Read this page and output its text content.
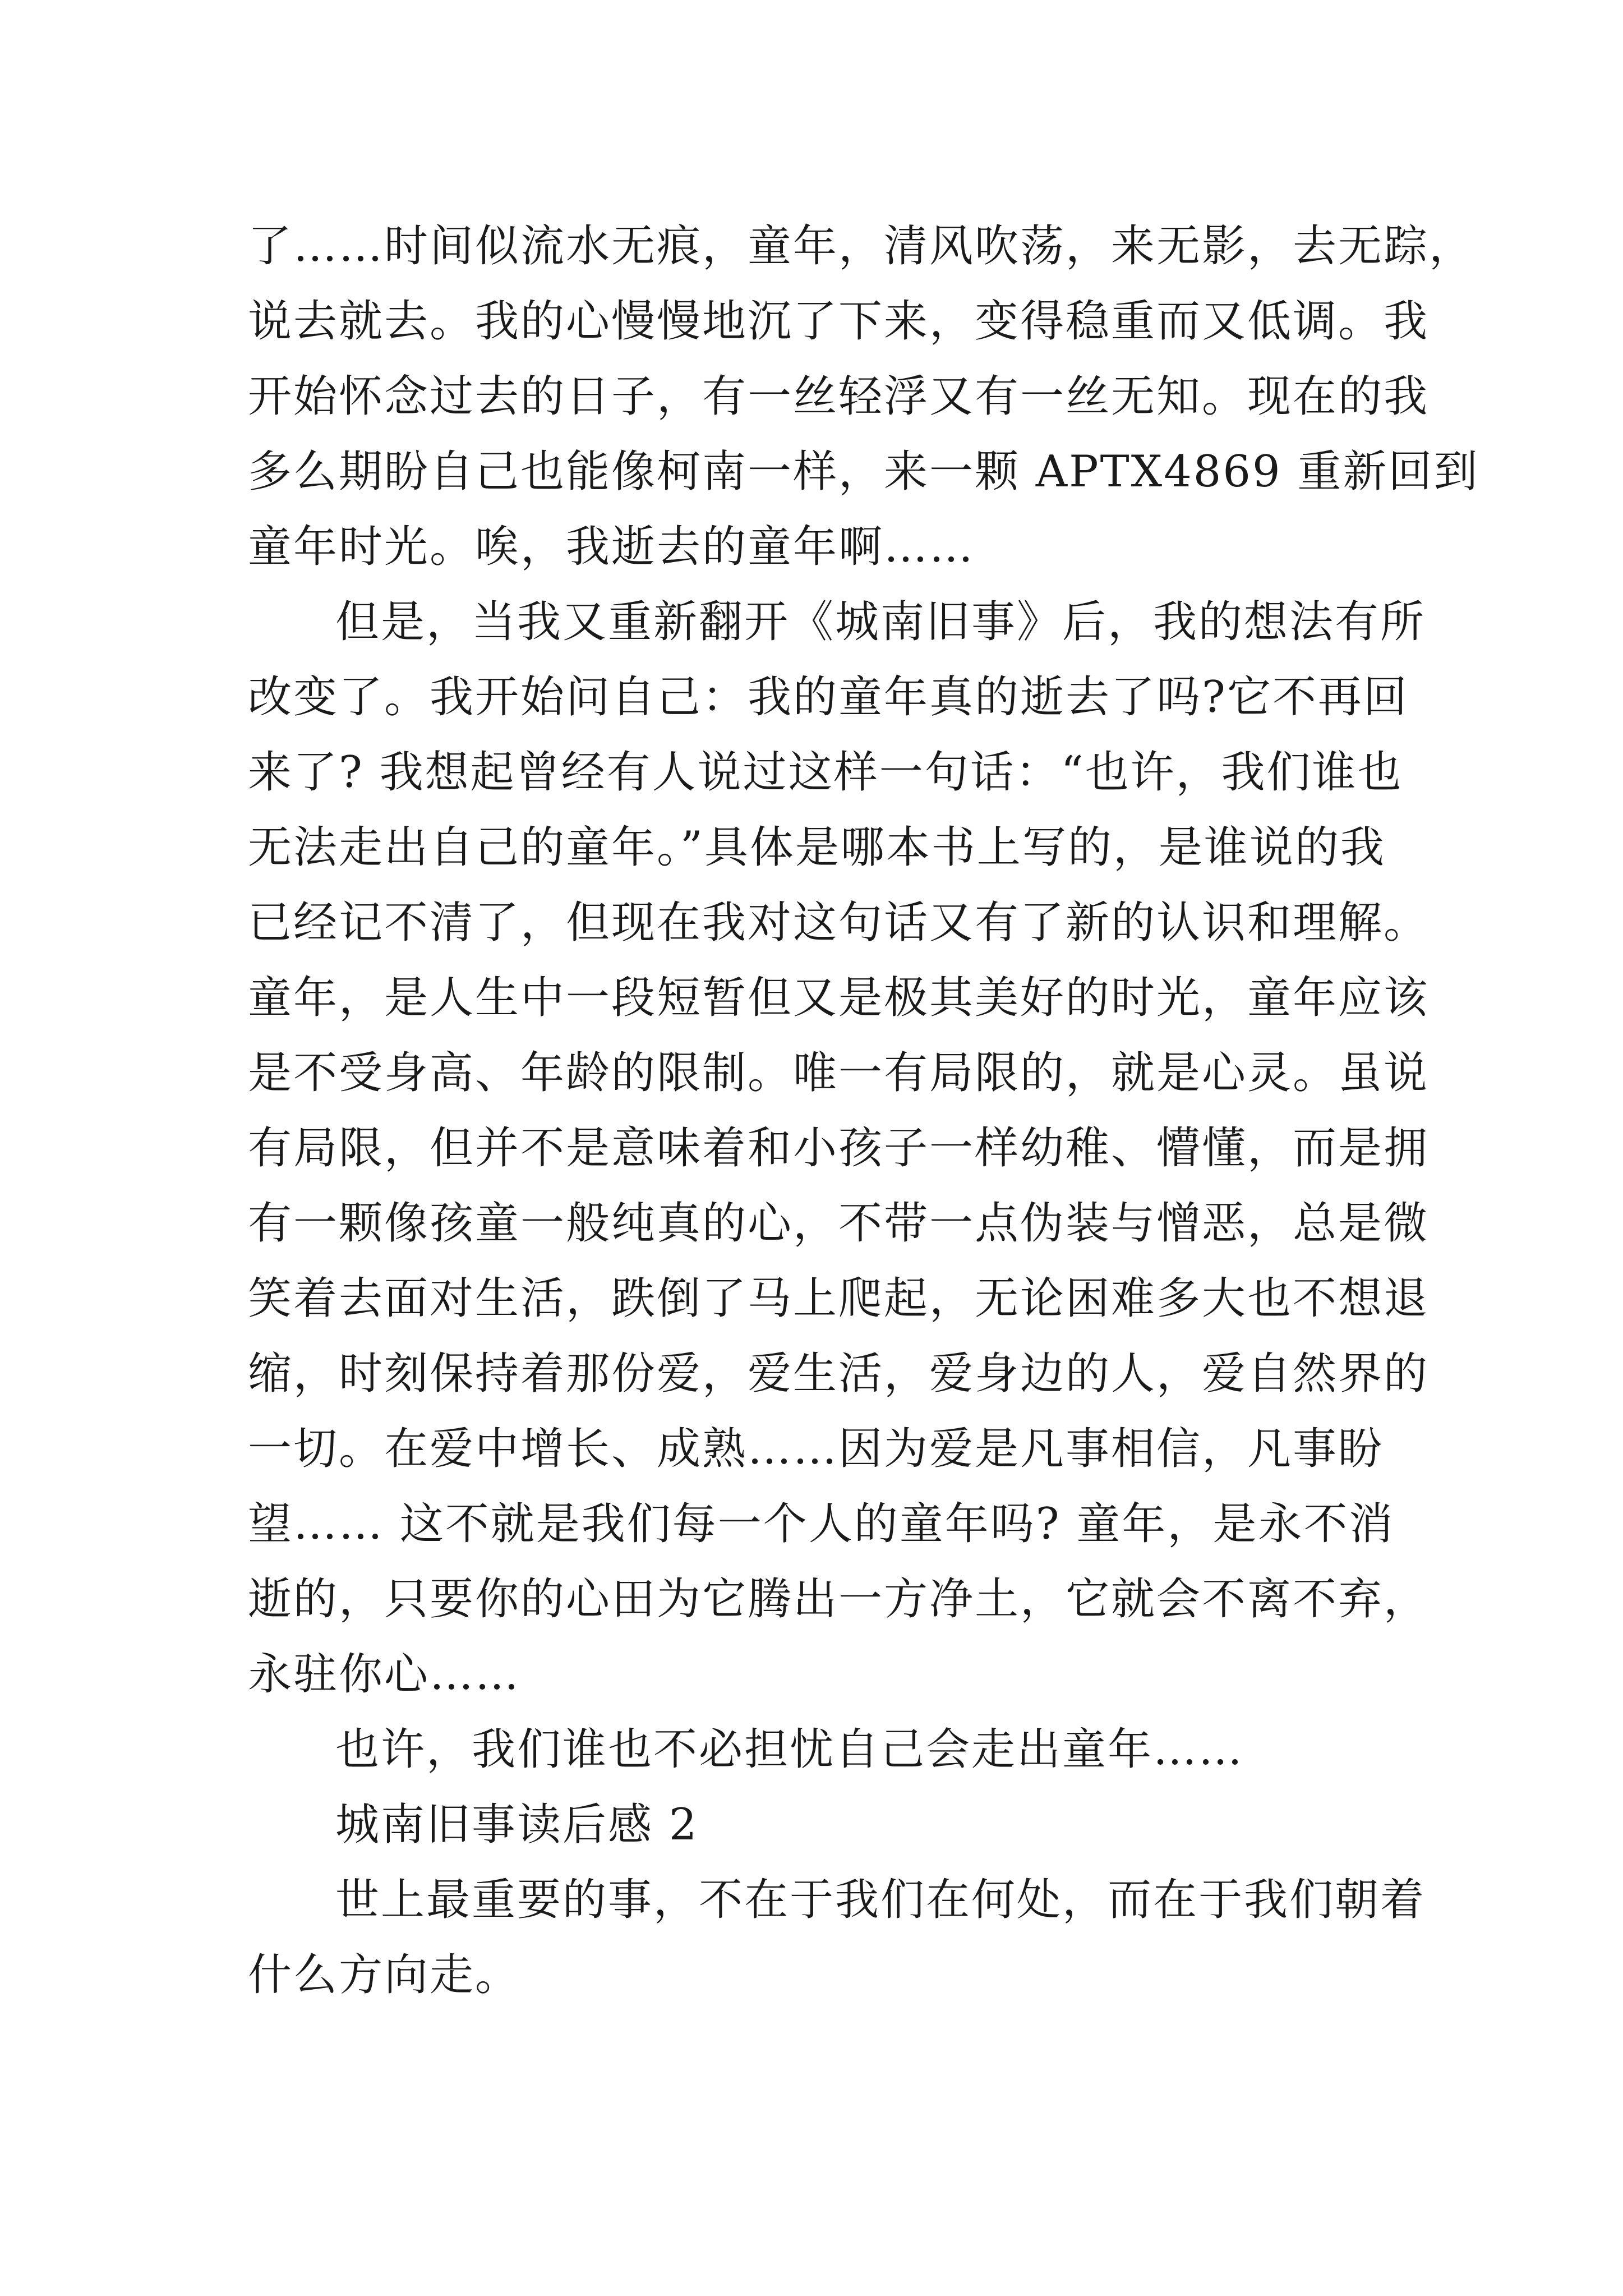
了……时间似流水无痕，童年，清风吹荡，来无影，去无踪，
说去就去。我的心慢慢地沉了下来，变得稳重而又低调。我
开始怀念过去的日子，有一丝轻浮又有一丝无知。现在的我
多么期盼自己也能像柯南一样，来一颗 APTX4869 重新回到
童年时光。唉，我逝去的童年啊……
但是，当我又重新翻开《城南旧事》后，我的想法有所
改变了。我开始问自己：我的童年真的逝去了吗?它不再回
来了? 我想起曾经有人说过这样一句话：“也许，我们谁也
无法走出自己的童年。”具体是哪本书上写的，是谁说的我
已经记不清了，但现在我对这句话又有了新的认识和理解。
童年，是人生中一段短暂但又是极其美好的时光，童年应该
是不受身高、年龄的限制。唯一有局限的，就是心灵。虽说
有局限，但并不是意味着和小孩子一样幼稚、懵懂，而是拥
有一颗像孩童一般纯真的心，不带一点伪装与憎恶，总是微
笑着去面对生活，跌倒了马上爬起，无论困难多大也不想退
缩，时刻保持着那份爱，爱生活，爱身边的人，爱自然界的
一切。在爱中增长、成熟……因为爱是凡事相信，凡事盼
望…… 这不就是我们每一个人的童年吗? 童年，是永不消
逝的，只要你的心田为它腾出一方净土，它就会不离不弃，
永驻你心……
也许，我们谁也不必担忧自己会走出童年……
城南旧事读后感 2
世上最重要的事，不在于我们在何处，而在于我们朝着
什么方向走。
